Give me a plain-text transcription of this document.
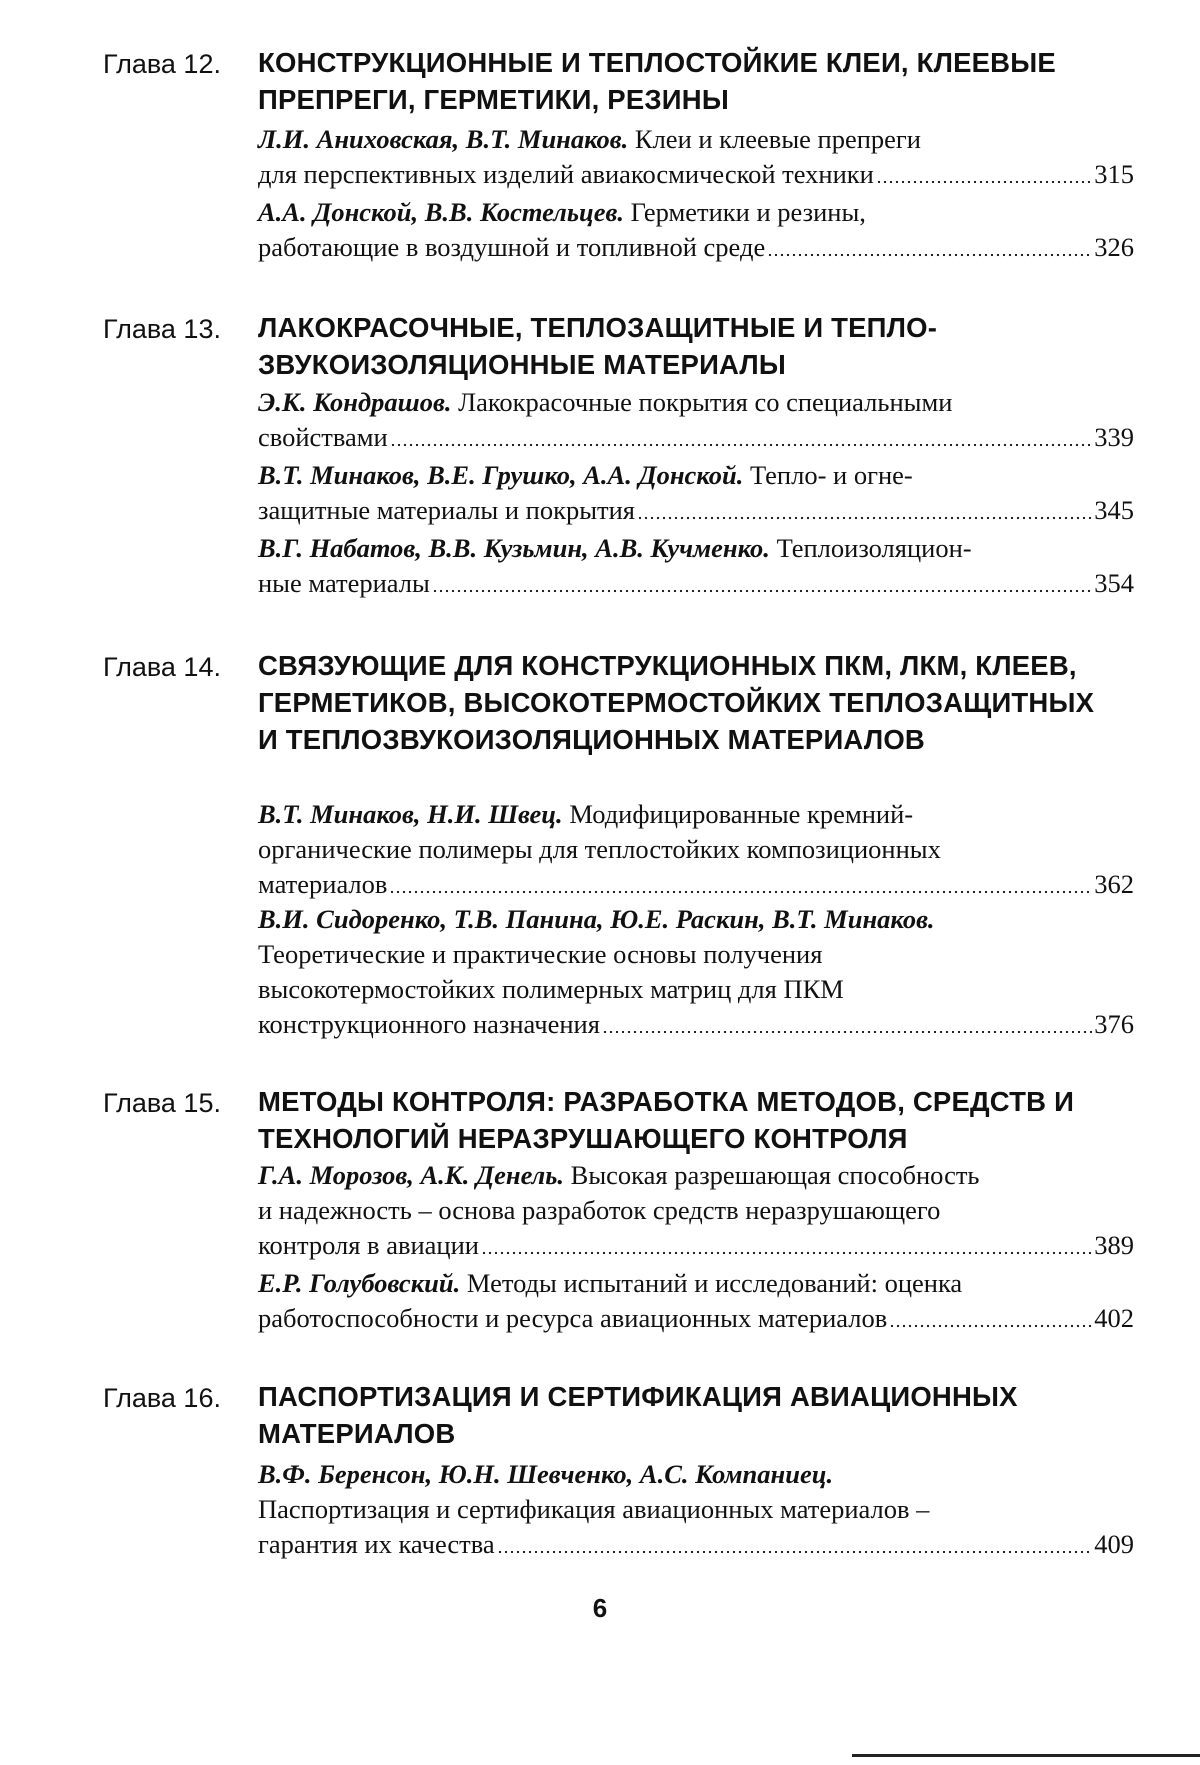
Глава 12.	КОНСТРУКЦИОННЫЕ И ТЕПЛОСТОЙКИЕ КЛЕИ, КЛЕЕВЫЕ ПРЕПРЕГИ, ГЕРМЕТИКИ, РЕЗИНЫ
Л.И. Аниховская, В.Т. Минаков. Клеи и клеевые препреги
для перспективных изделий авиакосмической техники	315
А.А. Донской, В.В. Костельцев. Герметики и резины,
работающие в воздушной и топливной среде	326
Глава 13.	ЛАКОКРАСОЧНЫЕ, ТЕПЛОЗАЩИТНЫЕ И ТЕПЛО-ЗВУКОИЗОЛЯЦИОННЫЕ МАТЕРИАЛЫ
Э.К. Кондрашов. Лакокрасочные покрытия со специальными
свойствами	339
В.Т. Минаков, В.Е. Грушко, А.А. Донской. Тепло- и огне-
защитные материалы и покрытия	345
В.Г. Набатов, В.В. Кузьмин, А.В. Кучменко. Теплоизоляцион-
ные материалы	354
Глава 14.	СВЯЗУЮЩИЕ ДЛЯ КОНСТРУКЦИОННЫХ ПКМ, ЛКМ, КЛЕЕВ, ГЕРМЕТИКОВ, ВЫСОКОТЕРМОСТОЙКИХ ТЕПЛОЗАЩИТНЫХ И ТЕПЛОЗВУКОИЗОЛЯЦИОННЫХ МАТЕРИАЛОВ
В.Т. Минаков, Н.И. Швец. Модифицированные кремний-
органические полимеры для теплостойких композиционных
материалов	362
В.И. Сидоренко, Т.В. Панина, Ю.Е. Раскин, В.Т. Минаков.
Теоретические и практические основы получения
высокотермостойких полимерных матриц для ПКМ
конструкционного назначения	376
Глава 15.	МЕТОДЫ КОНТРОЛЯ: РАЗРАБОТКА МЕТОДОВ, СРЕДСТВ И ТЕХНОЛОГИЙ НЕРАЗРУШАЮЩЕГО КОНТРОЛЯ
Г.А. Морозов, А.К. Денель. Высокая разрешающая способность
и надежность – основа разработок средств неразрушающего
контроля в авиации	389
Е.Р. Голубовский. Методы испытаний и исследований: оценка
работоспособности и ресурса авиационных материалов	402
Глава 16.	ПАСПОРТИЗАЦИЯ И СЕРТИФИКАЦИЯ АВИАЦИОННЫХ МАТЕРИАЛОВ
В.Ф. Беренсон, Ю.Н. Шевченко, А.С. Компаниец.
Паспортизация и сертификация авиационных материалов –
гарантия их качества	409
6
